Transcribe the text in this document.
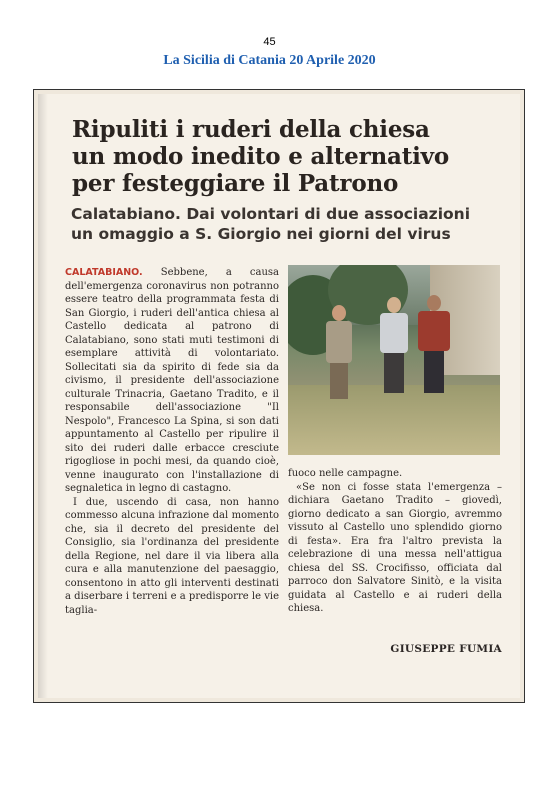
45
La Sicilia di Catania 20 Aprile 2020
Ripuliti i ruderi della chiesa
un modo inedito e alternativo
per festeggiare il Patrono
Calatabiano. Dai volontari di due associazioni
un omaggio a S. Giorgio nei giorni del virus

CALATABIANO. Sebbene, a causa dell'emergenza coronavirus non potranno essere teatro della programmata festa di San Giorgio, i ruderi dell'antica chiesa al Castello dedicata al patrono di Calatabiano, sono stati muti testimoni di esemplare attività di volontariato. Sollecitati sia da spirito di fede sia da civismo, il presidente dell'associazione culturale Trinacria, Gaetano Tradito, e il responsabile dell'associazione "Il Nespolo", Francesco La Spina, si son dati appuntamento al Castello per ripulire il sito dei ruderi dalle erbacce cresciute rigogliose in pochi mesi, da quando cioè, venne inaugurato con l'installazione di segnaletica in legno di castagno.

I due, uscendo di casa, non hanno commesso alcuna infrazione dal momento che, sia il decreto del presidente del Consiglio, sia l'ordinanza del presidente della Regione, nel dare il via libera alla cura e alla manutenzione del paesaggio, consentono in atto gli interventi destinati a diserbare i terreni e a predisporre le vie taglia-

fuoco nelle campagne.

«Se non ci fosse stata l'emergenza – dichiara Gaetano Tradito – giovedì, giorno dedicato a san Giorgio, avremmo vissuto al Castello uno splendido giorno di festa». Era fra l'altro prevista la celebrazione di una messa nell'attigua chiesa del SS. Crocifisso, officiata dal parroco don Salvatore Sinitò, e la visita guidata al Castello e ai ruderi della chiesa.

GIUSEPPE FUMIA
